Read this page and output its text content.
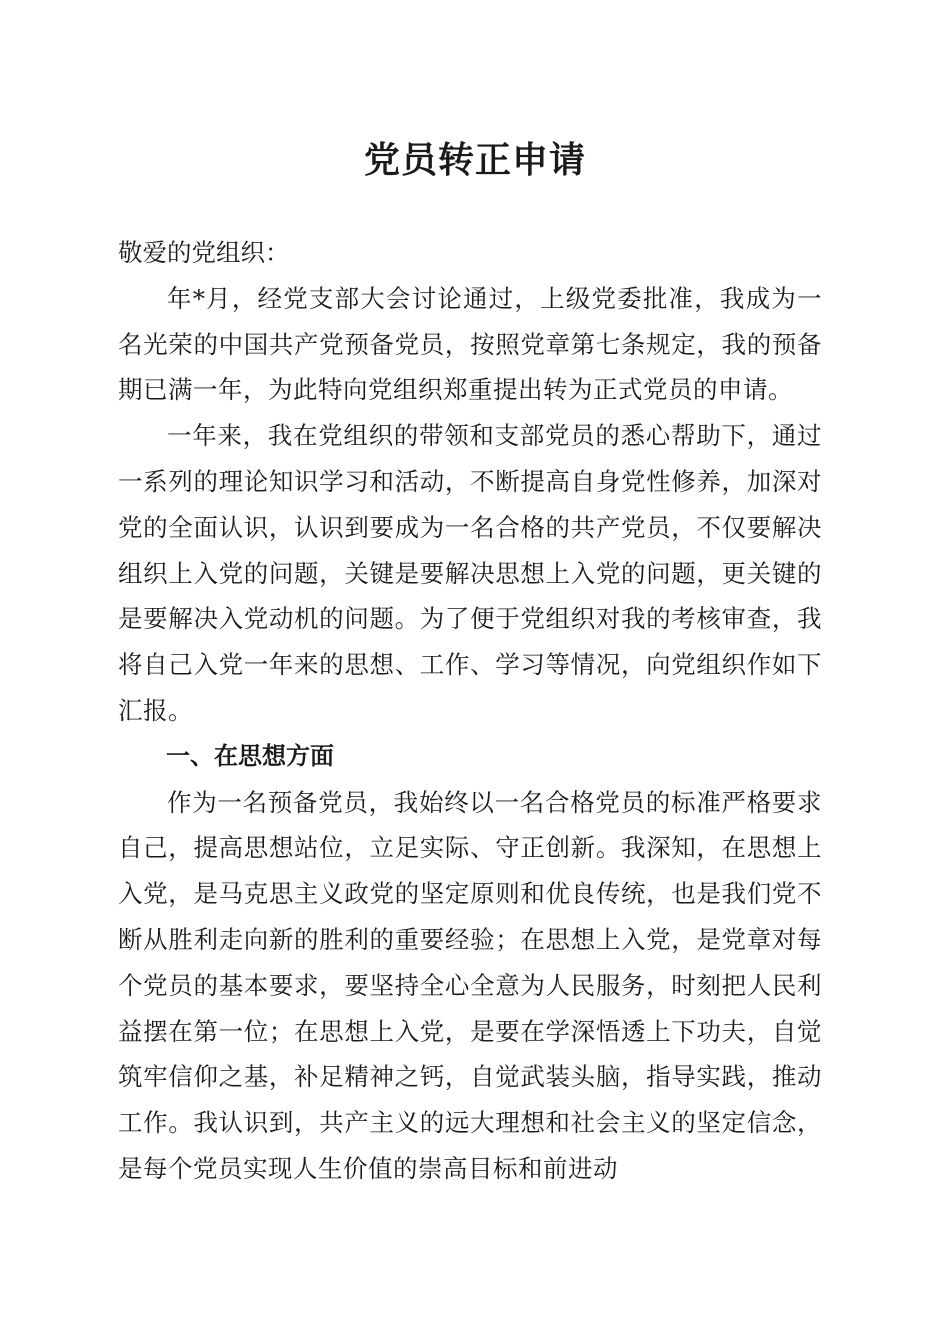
党员转正申请

敬爱的党组织：

年*月，经党支部大会讨论通过，上级党委批准，我成为一名光荣的中国共产党预备党员，按照党章第七条规定，我的预备期已满一年，为此特向党组织郑重提出转为正式党员的申请。

一年来，我在党组织的带领和支部党员的悉心帮助下，通过一系列的理论知识学习和活动，不断提高自身党性修养，加深对党的全面认识，认识到要成为一名合格的共产党员，不仅要解决组织上入党的问题，关键是要解决思想上入党的问题，更关键的是要解决入党动机的问题。为了便于党组织对我的考核审查，我将自己入党一年来的思想、工作、学习等情况，向党组织作如下汇报。

一、在思想方面

作为一名预备党员，我始终以一名合格党员的标准严格要求自己，提高思想站位，立足实际、守正创新。我深知，在思想上入党，是马克思主义政党的坚定原则和优良传统，也是我们党不断从胜利走向新的胜利的重要经验；在思想上入党，是党章对每个党员的基本要求，要坚持全心全意为人民服务，时刻把人民利益摆在第一位；在思想上入党，是要在学深悟透上下功夫，自觉筑牢信仰之基，补足精神之钙，自觉武装头脑，指导实践，推动工作。我认识到，共产主义的远大理想和社会主义的坚定信念，是每个党员实现人生价值的崇高目标和前进动
